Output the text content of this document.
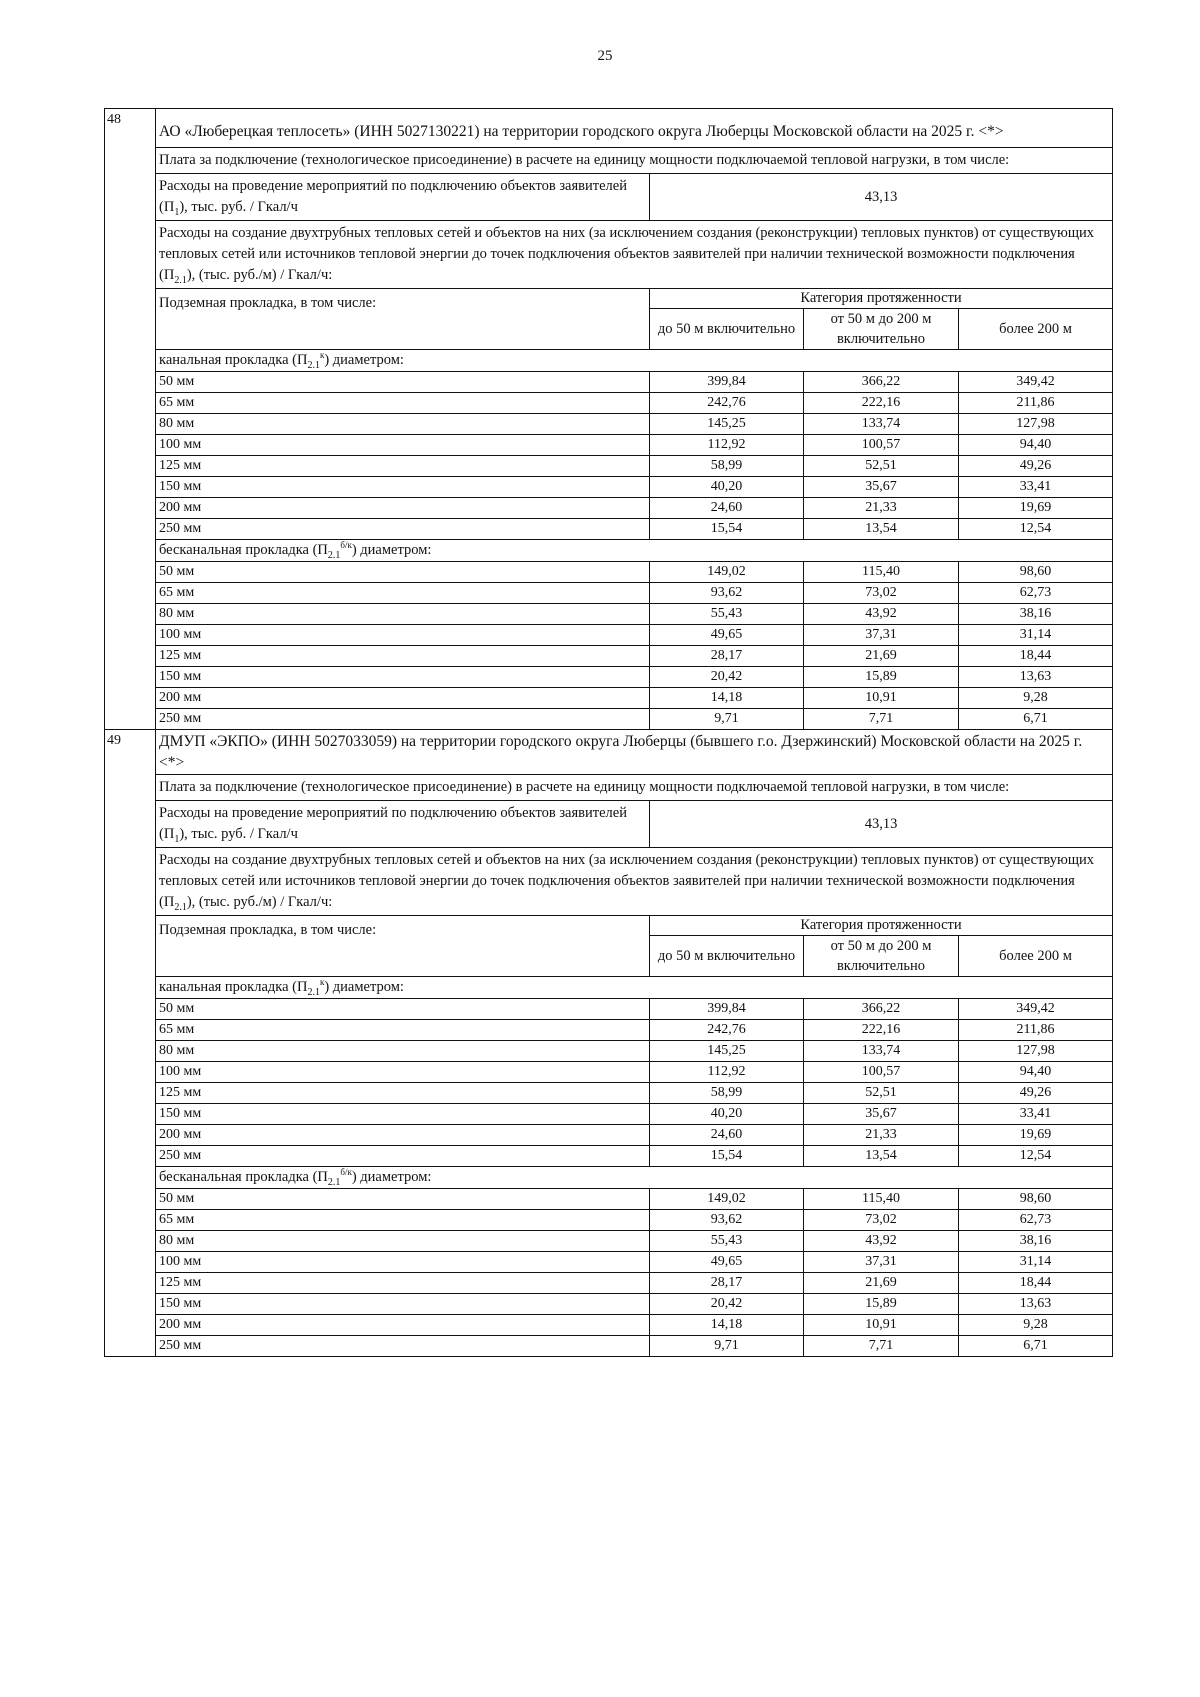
25
48	АО «Люберецкая теплосеть» (ИНН 5027130221) на территории городского округа Люберцы Московской области на 2025 г. <*>			
	Плата за подключение (технологическое присоединение) в расчете на единицу мощности подключаемой тепловой нагрузки, в том числе:			
	Расходы на проведение мероприятий по подключению объектов заявителей $(П_1)$, тыс. руб. / Гкал/ч	43,13		
	Расходы на создание двухтрубных тепловых сетей и объектов на них (за исключением создания (реконструкции) тепловых пунктов) от существующих тепловых сетей или источников тепловой энергии до точек подключения объектов заявителей при наличии технической возможности подключения $(П_{2.1})$, (тыс. руб./м) / Гкал/ч:			
	Подземная прокладка, в том числе:	Категория протяженности		
		до 50 м включительно	от 50 м до 200 м включительно	более 200 м
	канальная прокладка $(П_{2.1}^к)$ диаметром:			
	50 мм	399,84	366,22	349,42
	65 мм	242,76	222,16	211,86
	80 мм	145,25	133,74	127,98
	100 мм	112,92	100,57	94,40
	125 мм	58,99	52,51	49,26
	150 мм	40,20	35,67	33,41
	200 мм	24,60	21,33	19,69
	250 мм	15,54	13,54	12,54
	бесканальная прокладка $(П_{2.1}^{б/к})$ диаметром:			
	50 мм	149,02	115,40	98,60
	65 мм	93,62	73,02	62,73
	80 мм	55,43	43,92	38,16
	100 мм	49,65	37,31	31,14
	125 мм	28,17	21,69	18,44
	150 мм	20,42	15,89	13,63
	200 мм	14,18	10,91	9,28
	250 мм	9,71	7,71	6,71
49	ДМУП «ЭКПО» (ИНН 5027033059) на территории городского округа Люберцы (бывшего г.о. Дзержинский) Московской области на 2025 г. <*>			
	Плата за подключение (технологическое присоединение) в расчете на единицу мощности подключаемой тепловой нагрузки, в том числе:			
	Расходы на проведение мероприятий по подключению объектов заявителей $(П_1)$, тыс. руб. / Гкал/ч	43,13		
	Расходы на создание двухтрубных тепловых сетей и объектов на них (за исключением создания (реконструкции) тепловых пунктов) от существующих тепловых сетей или источников тепловой энергии до точек подключения объектов заявителей при наличии технической возможности подключения $(П_{2.1})$, (тыс. руб./м) / Гкал/ч:			
	Подземная прокладка, в том числе:	Категория протяженности		
		до 50 м включительно	от 50 м до 200 м включительно	более 200 м
	канальная прокладка $(П_{2.1}^к)$ диаметром:			
	50 мм	399,84	366,22	349,42
	65 мм	242,76	222,16	211,86
	80 мм	145,25	133,74	127,98
	100 мм	112,92	100,57	94,40
	125 мм	58,99	52,51	49,26
	150 мм	40,20	35,67	33,41
	200 мм	24,60	21,33	19,69
	250 мм	15,54	13,54	12,54
	бесканальная прокладка $(П_{2.1}^{б/к})$ диаметром:			
	50 мм	149,02	115,40	98,60
	65 мм	93,62	73,02	62,73
	80 мм	55,43	43,92	38,16
	100 мм	49,65	37,31	31,14
	125 мм	28,17	21,69	18,44
	150 мм	20,42	15,89	13,63
	200 мм	14,18	10,91	9,28
	250 мм	9,71	7,71	6,71
